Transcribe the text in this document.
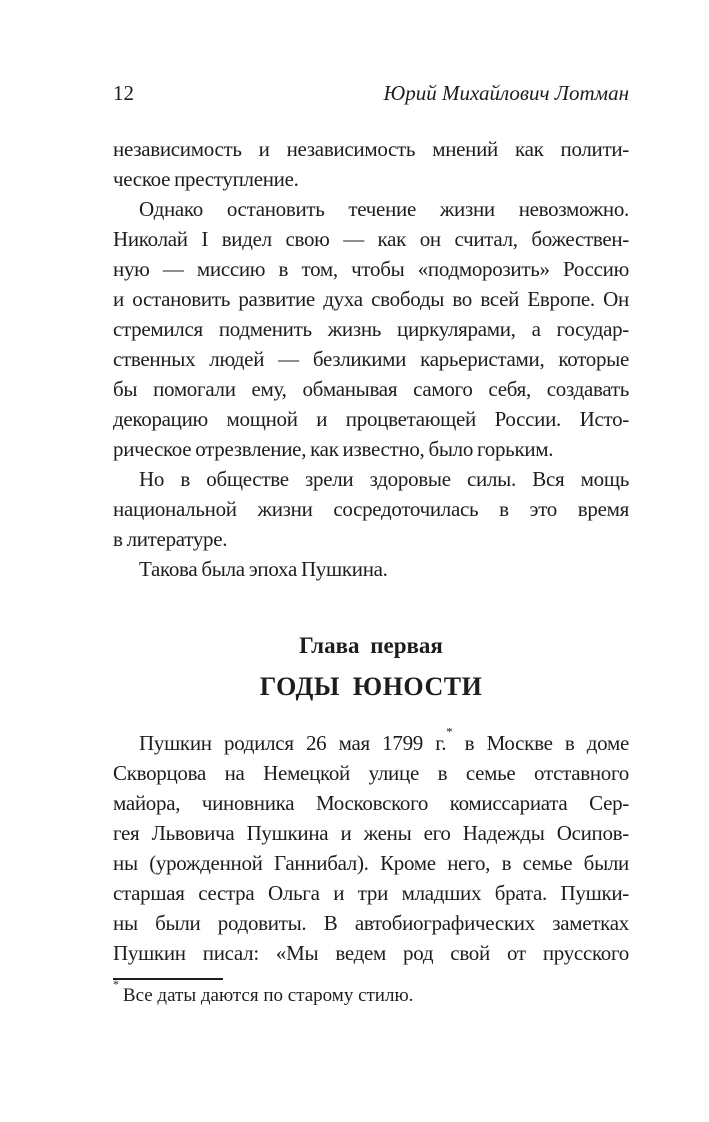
12	Юрий Михайлович Лотман
независимость и независимость мнений как полити-
ческое преступление.
Однако остановить течение жизни невозможно.
Николай I видел свою — как он считал, божествен-
ную — миссию в том, чтобы «подморозить» Россию
и остановить развитие духа свободы во всей Европе. Он
стремился подменить жизнь циркулярами, а государ-
ственных людей — безликими карьеристами, которые
бы помогали ему, обманывая самого себя, создавать
декорацию мощной и процветающей России. Исто-
рическое отрезвление, как известно, было горьким.
Но в обществе зрели здоровые силы. Вся мощь
национальной жизни сосредоточилась в это время
в литературе.
Такова была эпоха Пушкина.
Глава первая
ГОДЫ ЮНОСТИ
Пушкин родился 26 мая 1799 г.* в Москве в доме
Скворцова на Немецкой улице в семье отставного
майора, чиновника Московского комиссариата Сер-
гея Львовича Пушкина и жены его Надежды Осипов-
ны (урожденной Ганнибал). Кроме него, в семье были
старшая сестра Ольга и три младших брата. Пушки-
ны были родовиты. В автобиографических заметках
Пушкин писал: «Мы ведем род свой от прусского
*Все даты даются по старому стилю.
